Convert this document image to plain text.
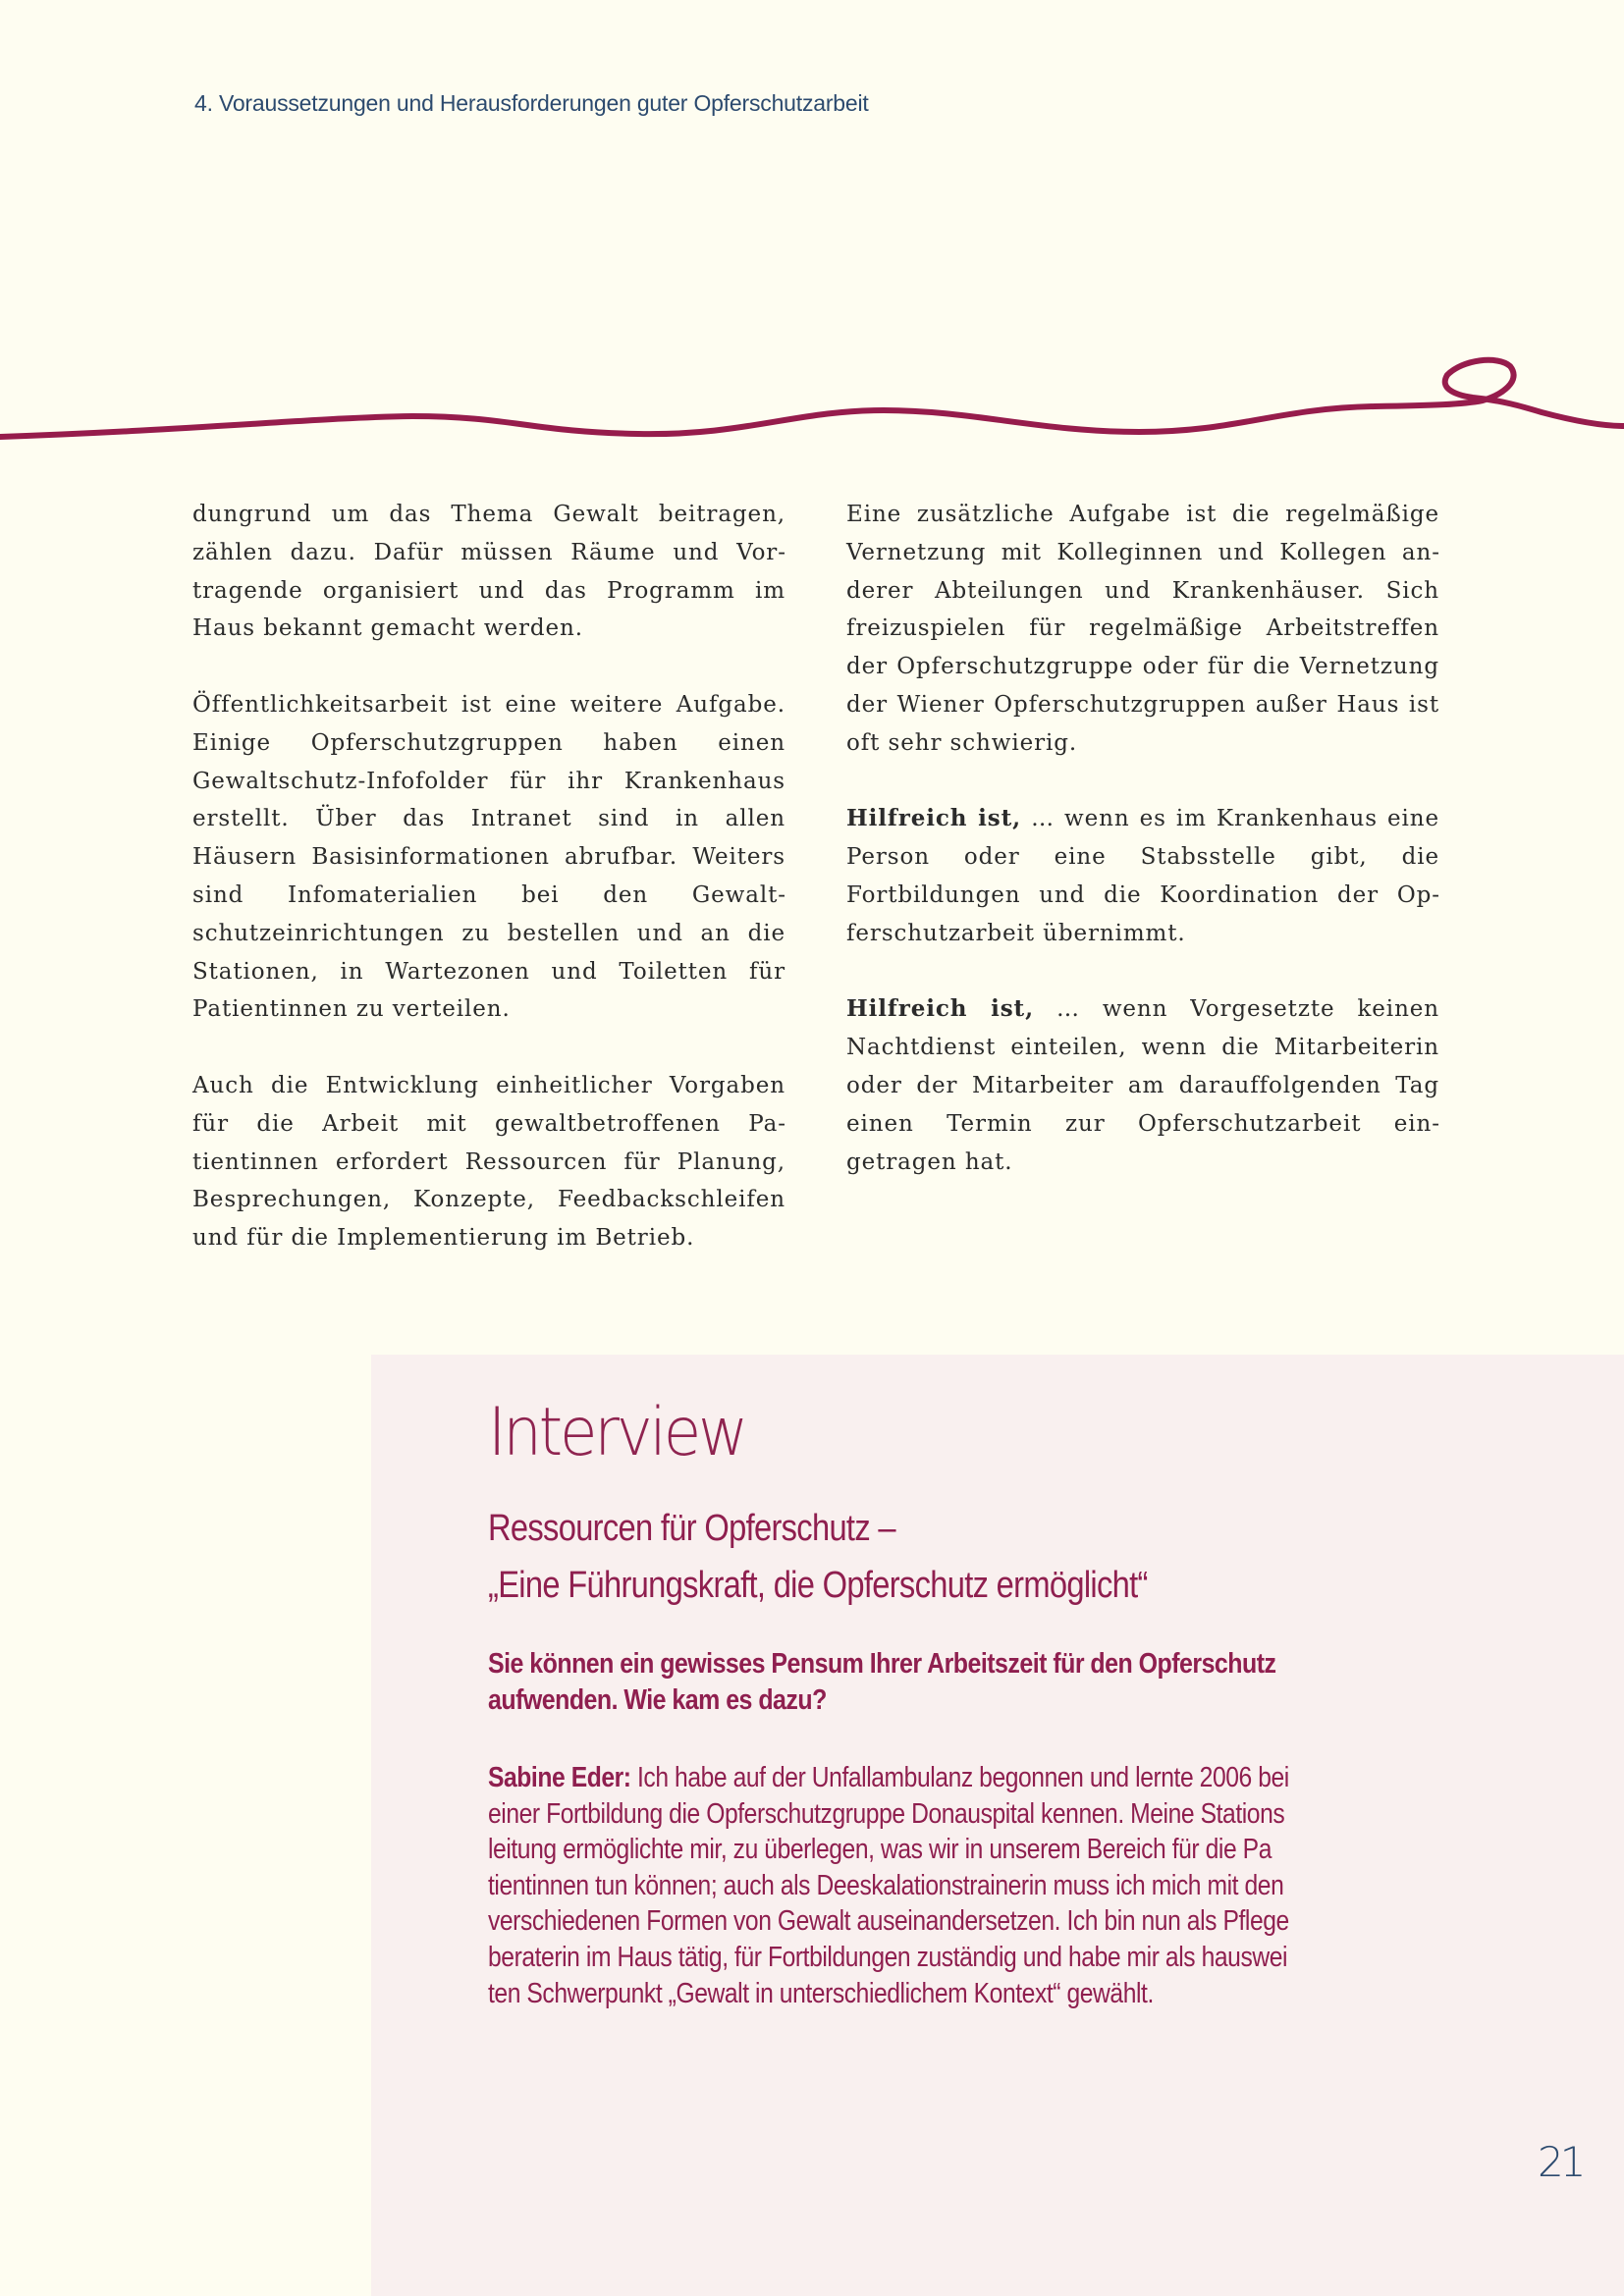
4. Voraussetzungen und Herausforderungen guter Opferschutzarbeit

dungrund um das Thema Gewalt beitragen, zählen dazu. Dafür müssen Räume und Vortragende organisiert und das Programm im Haus bekannt gemacht werden.

Öffentlichkeitsarbeit ist eine weitere Aufgabe. Einige Opferschutzgruppen haben einen Gewaltschutz-Infofolder für ihr Krankenhaus erstellt. Über das Intranet sind in allen Häusern Basisinformationen abrufbar. Weiters sind Infomaterialien bei den Gewaltschutzeinrichtungen zu bestellen und an die Stationen, in Wartezonen und Toiletten für Patientinnen zu verteilen.

Auch die Entwicklung einheitlicher Vorgaben für die Arbeit mit gewaltbetroffenen Patientinnen erfordert Ressourcen für Planung, Besprechungen, Konzepte, Feedbackschleifen und für die Implementierung im Betrieb.

Eine zusätzliche Aufgabe ist die regelmäßige Vernetzung mit Kolleginnen und Kollegen anderer Abteilungen und Krankenhäuser. Sich freizuspielen für regelmäßige Arbeitstreffen der Opferschutzgruppe oder für die Vernetzung der Wiener Opferschutzgruppen außer Haus ist oft sehr schwierig.

Hilfreich ist, … wenn es im Krankenhaus eine Person oder eine Stabsstelle gibt, die Fortbildungen und die Koordination der Opferschutzarbeit übernimmt.

Hilfreich ist, … wenn Vorgesetzte keinen Nachtdienst einteilen, wenn die Mitarbeiterin oder der Mitarbeiter am darauffolgenden Tag einen Termin zur Opferschutzarbeit eingetragen hat.

Interview
Ressourcen für Opferschutz –
„Eine Führungskraft, die Opferschutz ermöglicht“
Sie können ein gewisses Pensum Ihrer Arbeitszeit für den Opferschutz
aufwenden. Wie kam es dazu?
Sabine Eder: Ich habe auf der Unfallambulanz begonnen und lernte 2006 bei
einer Fortbildung die Opferschutzgruppe Donauspital kennen. Meine Stations
leitung ermöglichte mir, zu überlegen, was wir in unserem Bereich für die Pa
tientinnen tun können; auch als Deeskalationstrainerin muss ich mich mit den
verschiedenen Formen von Gewalt auseinandersetzen. Ich bin nun als Pflege
beraterin im Haus tätig, für Fortbildungen zuständig und habe mir als hauswei
ten Schwerpunkt „Gewalt in unterschiedlichem Kontext“ gewählt.
21
